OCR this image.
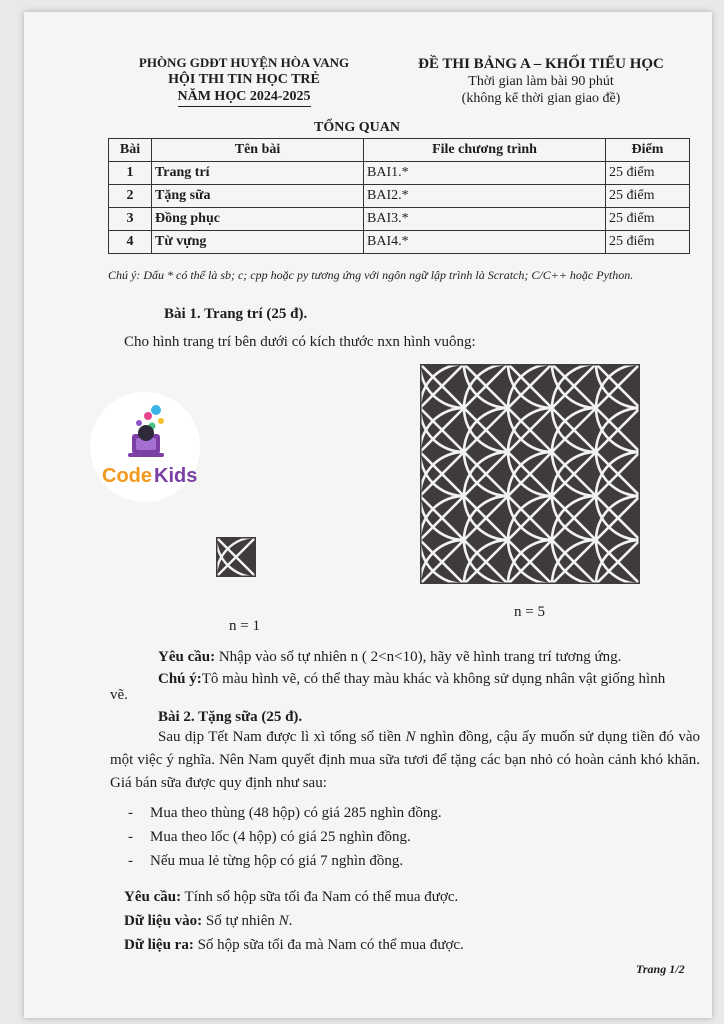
PHÒNG GDĐT HUYỆN HÒA VANG
HỘI THI TIN HỌC TRẺ
NĂM HỌC 2024-2025
ĐỀ THI BẢNG A – KHỐI TIỂU HỌC
Thời gian làm bài 90 phút
(không kể thời gian giao đề)
TỔNG QUAN
Bài	Tên bài	File chương trình	Điểm
1	Trang trí	BAI1.*	25 điểm
2	Tặng sữa	BAI2.*	25 điểm
3	Đồng phục	BAI3.*	25 điểm
4	Từ vựng	BAI4.*	25 điểm
Chú ý: Dấu * có thể là sb; c; cpp hoặc py tương ứng với ngôn ngữ lập trình là Scratch; C/C++ hoặc Python.
Bài 1. Trang trí (25 đ).
Cho hình trang trí bên dưới có kích thước nxn hình vuông:
Code Kids
n = 1
n = 5
Yêu cầu: Nhập vào số tự nhiên n ( 2<n<10), hãy vẽ hình trang trí tương ứng.
Chú ý:Tô màu hình vẽ, có thể thay màu khác và không sử dụng nhân vật giống hình
vẽ.
Bài 2. Tặng sữa (25 đ).
Sau dịp Tết Nam được lì xì tổng số tiền N nghìn đồng, cậu ấy muốn sử dụng tiền đó vào một việc ý nghĩa. Nên Nam quyết định mua sữa tươi để tặng các bạn nhỏ có hoàn cảnh khó khăn. Giá bán sữa được quy định như sau:
- Mua theo thùng (48 hộp) có giá 285 nghìn đồng.
- Mua theo lốc (4 hộp) có giá 25 nghìn đồng.
- Nếu mua lẻ từng hộp có giá 7 nghìn đồng.
Yêu cầu: Tính số hộp sữa tối đa Nam có thể mua được.
Dữ liệu vào: Số tự nhiên N.
Dữ liệu ra: Số hộp sữa tối đa mà Nam có thể mua được.
Trang 1/2
